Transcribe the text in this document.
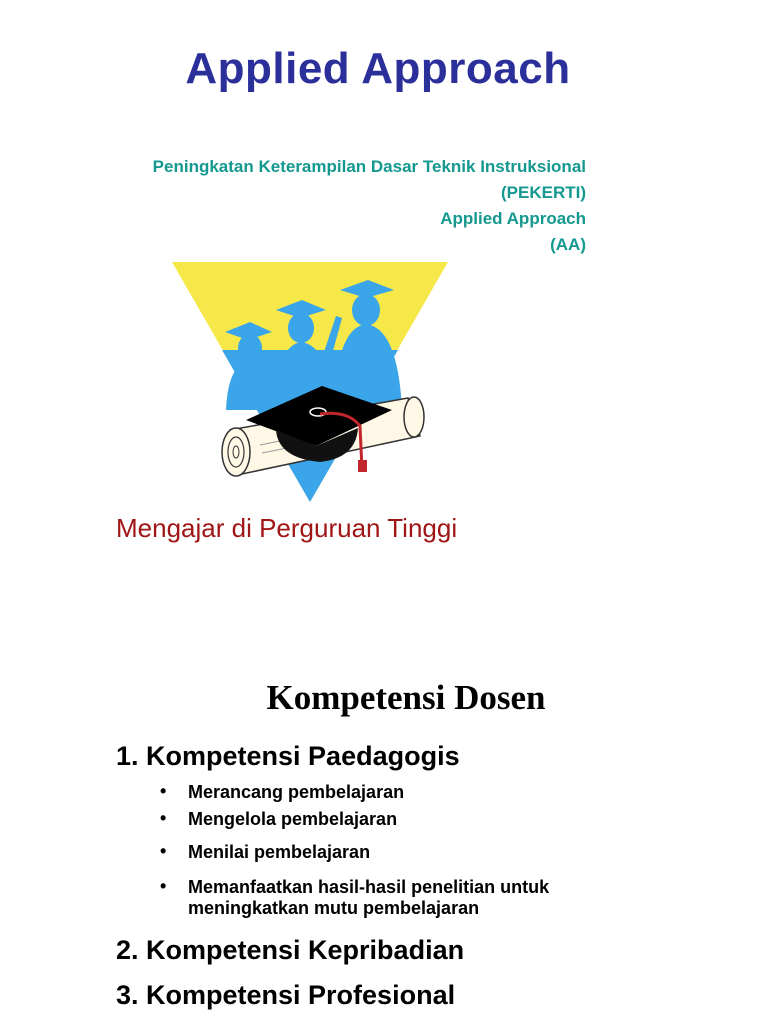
Applied Approach
Peningkatan Keterampilan Dasar Teknik Instruksional
(PEKERTI)
Applied Approach
(AA)
Mengajar di Perguruan Tinggi
Kompetensi Dosen
1. Kompetensi Paedagogis
• Merancang pembelajaran
• Mengelola pembelajaran
• Menilai pembelajaran
• Memanfaatkan hasil-hasil penelitian untuk
meningkatkan mutu pembelajaran
2. Kompetensi Kepribadian
3. Kompetensi Profesional
